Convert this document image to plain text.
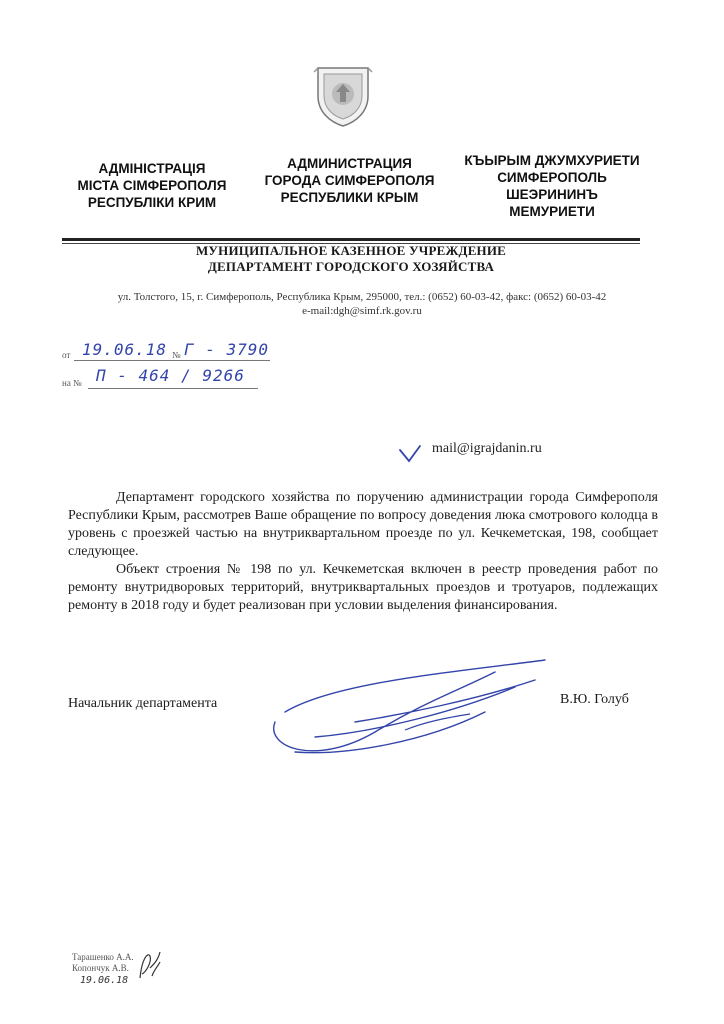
АДМІНІСТРАЦІЯ
МІСТА СІМФЕРОПОЛЯ
РЕСПУБЛІКИ КРИМ
АДМИНИСТРАЦИЯ
ГОРОДА СИМФЕРОПОЛЯ
РЕСПУБЛИКИ КРЫМ
КЪЫРЫМ ДЖУМХУРИЕТИ
СИМФЕРОПОЛЬ
ШЕЭРИНИНЪ
МЕМУРИЕТИ
МУНИЦИПАЛЬНОЕ КАЗЕННОЕ УЧРЕЖДЕНИЕ
ДЕПАРТАМЕНТ ГОРОДСКОГО ХОЗЯЙСТВА
ул. Толстого, 15, г. Симферополь, Республика Крым, 295000, тел.: (0652) 60-03-42, факс: (0652) 60-03-42
e-mail:dgh@simf.rk.gov.ru
от 19.06.18 № Г - 3790
на № П - 464 / 9266
mail@igrajdanin.ru

Департамент городского хозяйства по поручению администрации города Симферополя Республики Крым, рассмотрев Ваше обращение по вопросу доведения люка смотрового колодца в уровень с проезжей частью на внутриквартальном проезде по ул. Кечкеметская, 198, сообщает следующее.

Объект строения № 198 по ул. Кечкеметская включен в реестр проведения работ по ремонту внутридворовых территорий, внутриквартальных проездов и тротуаров, подлежащих ремонту в 2018 году и будет реализован при условии выделения финансирования.

Начальник департамента	В.Ю. Голуб
Тарашенко А.А.
Копончук А.В.
19.06.18
